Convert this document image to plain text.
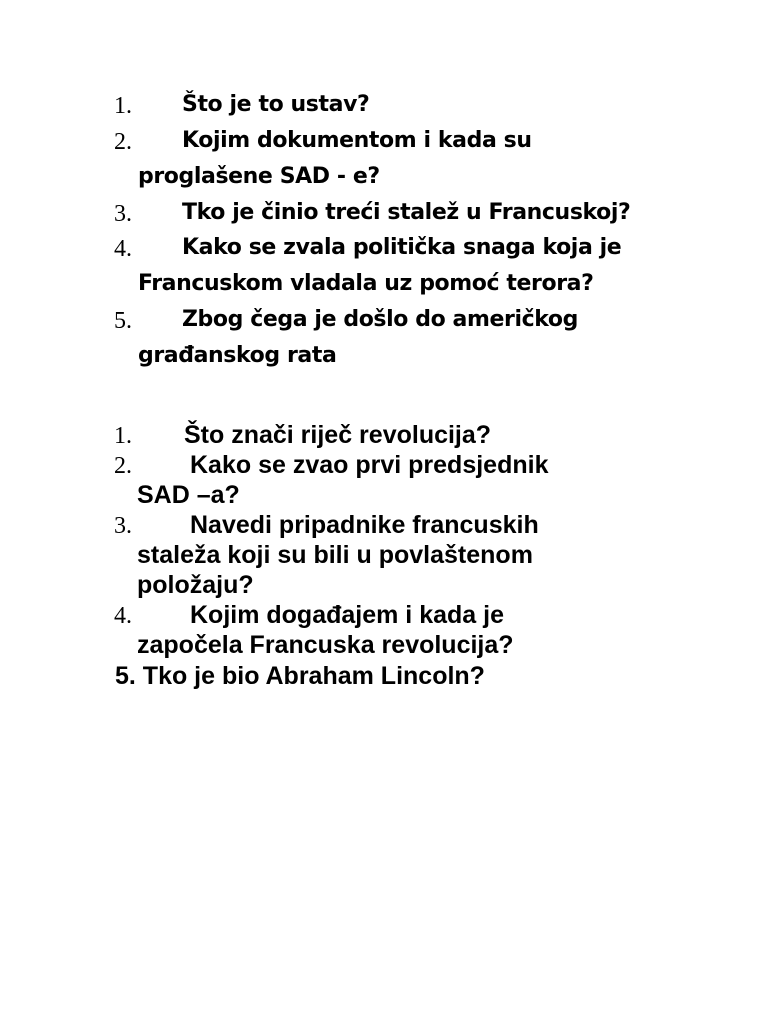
1. Što je to ustav?
2. Kojim dokumentom i kada su
proglašene SAD - e?
3. Tko je činio treći stalež u Francuskoj?
4. Kako se zvala politička snaga koja je
Francuskom vladala uz pomoć terora?
5. Zbog čega je došlo do američkog
građanskog rata
1. Što znači riječ revolucija?
2. Kako se zvao prvi predsjednik
SAD –a?
3. Navedi pripadnike francuskih
staleža koji su bili u povlaštenom
položaju?
4. Kojim događajem i kada je
započela Francuska revolucija?
5. Tko je bio Abraham Lincoln?
